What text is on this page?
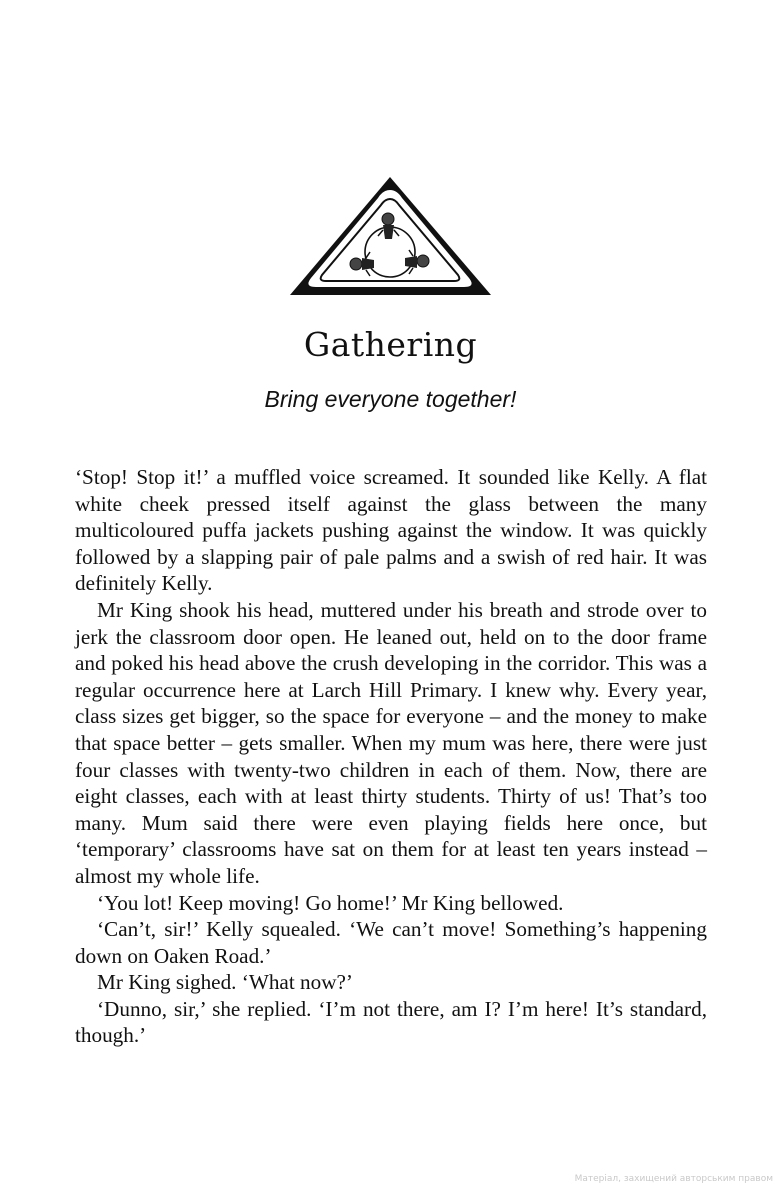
Gathering
Bring everyone together!

‘Stop! Stop it!’ a muffled voice screamed. It sounded like Kelly. A flat white cheek pressed itself against the glass between the many multicoloured puffa jackets pushing against the window. It was quickly followed by a slapping pair of pale palms and a swish of red hair. It was definitely Kelly.

Mr King shook his head, muttered under his breath and strode over to jerk the classroom door open. He leaned out, held on to the door frame and poked his head above the crush developing in the corridor. This was a regular occurrence here at Larch Hill Primary. I knew why. Every year, class sizes get bigger, so the space for everyone – and the money to make that space better – gets smaller. When my mum was here, there were just four classes with twenty-two children in each of them. Now, there are eight classes, each with at least thirty students. Thirty of us! That’s too many. Mum said there were even playing fields here once, but ‘temporary’ classrooms have sat on them for at least ten years instead – almost my whole life.

‘You lot! Keep moving! Go home!’ Mr King bellowed.

‘Can’t, sir!’ Kelly squealed. ‘We can’t move! Something’s happening down on Oaken Road.’

Mr King sighed. ‘What now?’

‘Dunno, sir,’ she replied. ‘I’m not there, am I? I’m here! It’s standard, though.’

Матеріал, захищений авторським правом
